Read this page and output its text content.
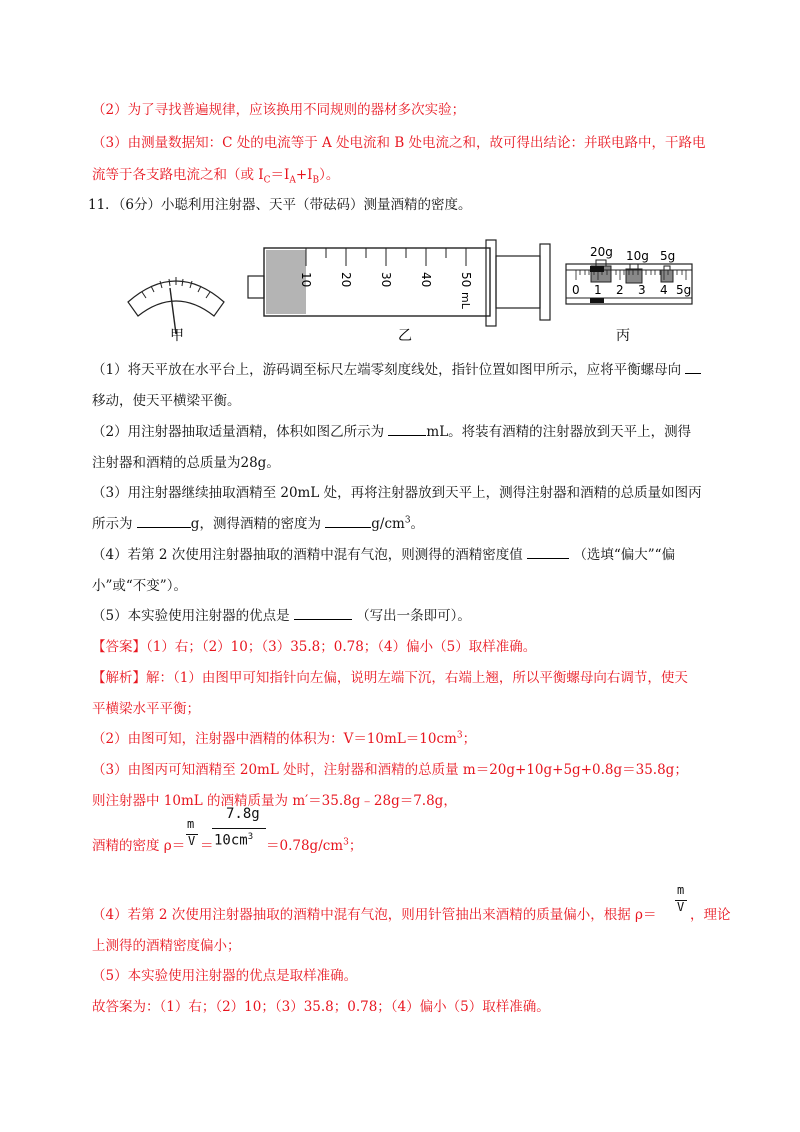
（2）为了寻找普遍规律，应该换用不同规则的器材多次实验；
（3）由测量数据知：C 处的电流等于 A 处电流和 B 处电流之和，故可得出结论：并联电路中，干路电
流等于各支路电流之和（或 $I_C=I_A+I_B$）。
11．（6分）小聪利用注射器、天平（带砝码）测量酒精的密度。
10 20 30 40 50
mL
20g 10g 5g
0 1 2 3 4 5g
甲	乙	丙
（1）将天平放在水平台上，游码调至标尺左端零刻度线处，指针位置如图甲所示，应将平衡螺母向
移动，使天平横梁平衡。
（2）用注射器抽取适量酒精，体积如图乙所示为	mL。将装有酒精的注射器放到天平上，测得
注射器和酒精的总质量为28g。
（3）用注射器继续抽取酒精至 20mL 处，再将注射器放到天平上，测得注射器和酒精的总质量如图丙
所示为	g，测得酒精的密度为	$g/cm^3$。
（4）若第 2 次使用注射器抽取的酒精中混有气泡，则测得的酒精密度值	（选填“偏大”“偏
小”或“不变”）。
（5）本实验使用注射器的优点是	（写出一条即可）。
【答案】（1）右；（2）10；（3）35.8；0.78；（4）偏小（5）取样准确。
【解析】解：（1）由图甲可知指针向左偏，说明左端下沉，右端上翘，所以平衡螺母向右调节，使天
平横梁水平平衡；
（2）由图可知，注射器中酒精的体积为：$V=10mL=10cm^3$；
（3）由图丙可知酒精至 20mL 处时，注射器和酒精的总质量 m＝20g+10g+5g+0.8g＝35.8g；
则注射器中 10mL 的酒精质量为 m′＝35.8g﹣28g＝7.8g，
酒精的密度 ρ＝
m
V ＝
7.8g
$10cm^3$
$=0.78g/cm^3$；
（4）若第 2 次使用注射器抽取的酒精中混有气泡，则用针管抽出来酒精的质量偏小，根据 ρ＝
m
V ，理论
上测得的酒精密度偏小；
（5）本实验使用注射器的优点是取样准确。
故答案为：（1）右；（2）10；（3）35.8；0.78；（4）偏小（5）取样准确。
